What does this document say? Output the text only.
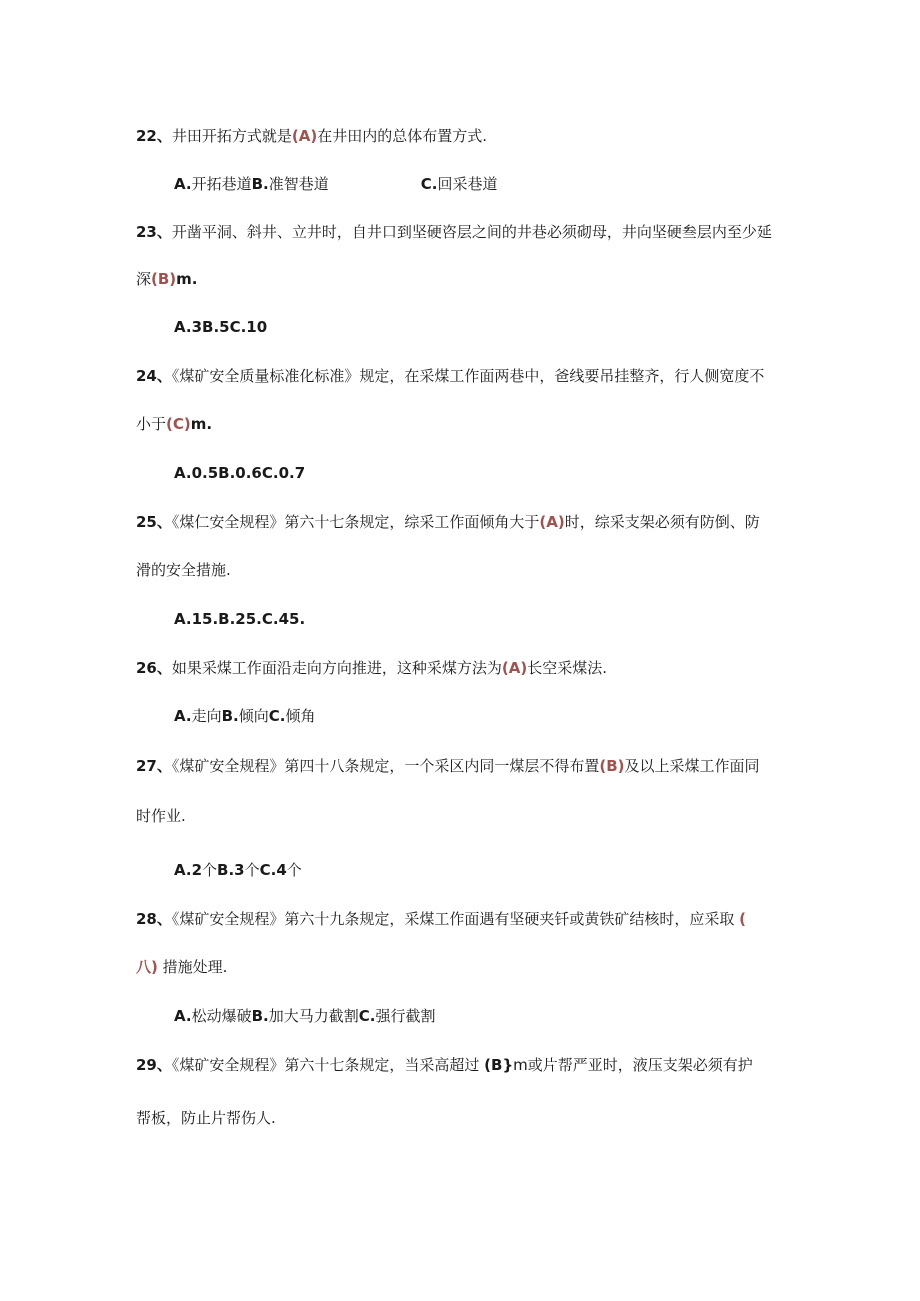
22、井田开拓方式就是(A)在井田内的总体布置方式.
A.开拓巷道B.准智巷道	C.回采巷道
23、开凿平洞、斜井、立井时，自井口到坚硬咨层之间的井巷必须砌母，井向坚硬叁层内至少延
深(B)m.
A.3B.5C.10
24、《煤矿安全质量标准化标准》规定，在采煤工作面两巷中，爸线要吊挂整齐，行人侧宽度不
小于(C)m.
A.0.5B.0.6C.0.7
25、《煤仁安全规程》第六十七条规定，综采工作面倾角大于(A)时，综采支架必须有防倒、防
滑的安全措施.
A.15.B.25.C.45.
26、如果采煤工作面沿走向方向推进，这种采煤方法为(A)长空采煤法.
A.走向B.倾向C.倾角
27、《煤矿安全规程》第四十八条规定，一个采区内同一煤层不得布置(B)及以上采煤工作面同
时作业.
A.2个B.3个C.4个
28、《煤矿安全规程》第六十九条规定，采煤工作面遇有坚硬夹钎或黄铁矿结核时，应采取 (
八) 措施处理.
A.松动爆破B.加大马力截割C.强行截割
29、《煤矿安全规程》第六十七条规定，当采高超过 (B}m或片帮严亚时，液压支架必须有护
帮板，防止片帮伤人.
